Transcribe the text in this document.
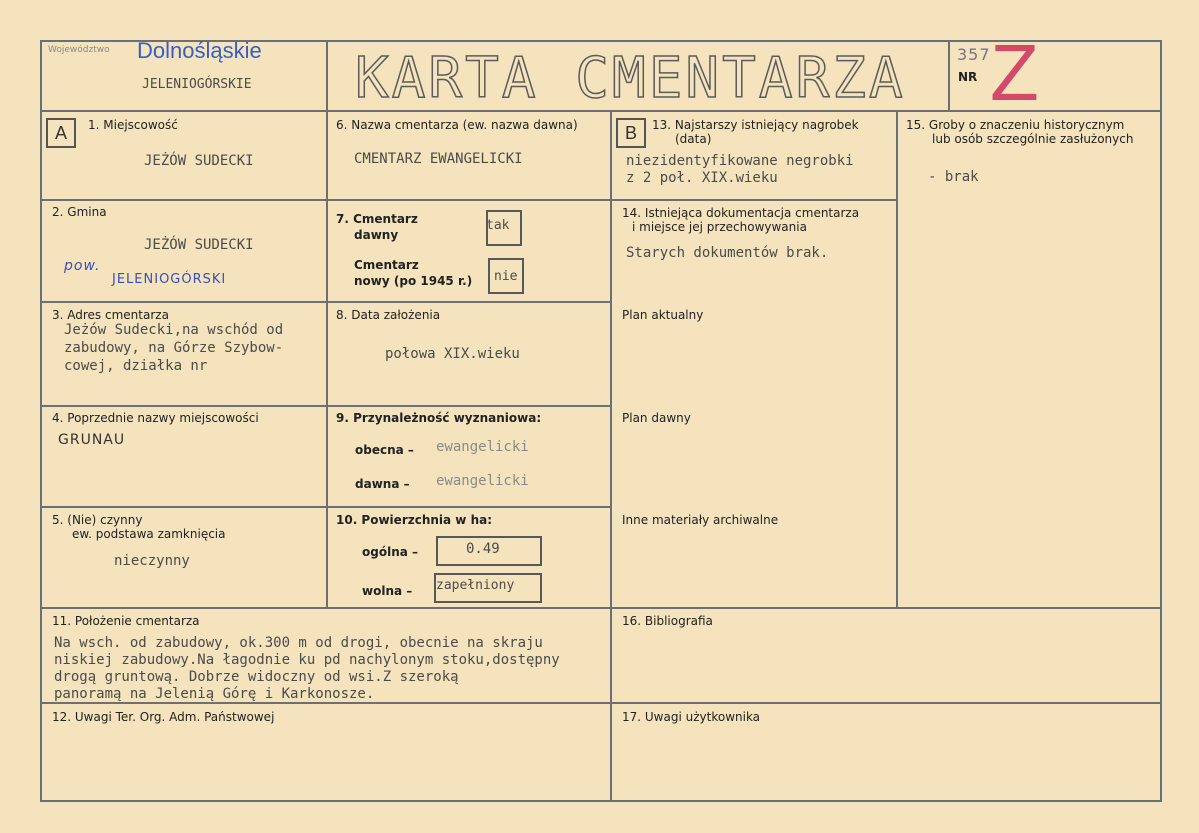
Województwo Dolnośląskie
JELENIOGÓRSKIE KARTA CMENTARZA	NR
357 Z
A	B
1. Miejscowość
JEŻÓW SUDECKI
2. Gmina
JEŻÓW SUDECKI
pow.
JELENIOGÓRSKI
3. Adres cmentarza
Jeżów Sudecki,na wschód od
zabudowy, na Górze Szybow-
cowej, działka nr
4. Poprzednie nazwy miejscowości
GRUNAU
5. (Nie) czynny
ew. podstawa zamknięcia
nieczynny
6. Nazwa cmentarza (ew. nazwa dawna)
CMENTARZ EWANGELICKI
7. Cmentarz
dawny
tak
Cmentarz
nowy (po 1945 r.) nie
8. Data założenia
połowa XIX.wieku
9. Przynależność wyznaniowa:
obecna – ewangelicki
dawna – ewangelicki
10. Powierzchnia w ha:
ogólna –	0.49
wolna – zapełniony
11. Położenie cmentarza
Na wsch. od zabudowy, ok.300 m od drogi, obecnie na skraju
niskiej zabudowy.Na łagodnie ku pd nachylonym stoku,dostępny
drogą gruntową. Dobrze widoczny od wsi.Z szeroką
panoramą na Jelenią Górę i Karkonosze.
12. Uwagi Ter. Org. Adm. Państwowej
13. Najstarszy istniejący nagrobek
(data)
niezidentyfikowane negrobki
z 2 poł. XIX.wieku
14. Istniejąca dokumentacja cmentarza
i miejsce jej przechowywania
Starych dokumentów brak.
Plan aktualny
Plan dawny
Inne materiały archiwalne
15. Groby o znaczeniu historycznym
lub osób szczególnie zasłużonych
- brak
16. Bibliografia
17. Uwagi użytkownika
